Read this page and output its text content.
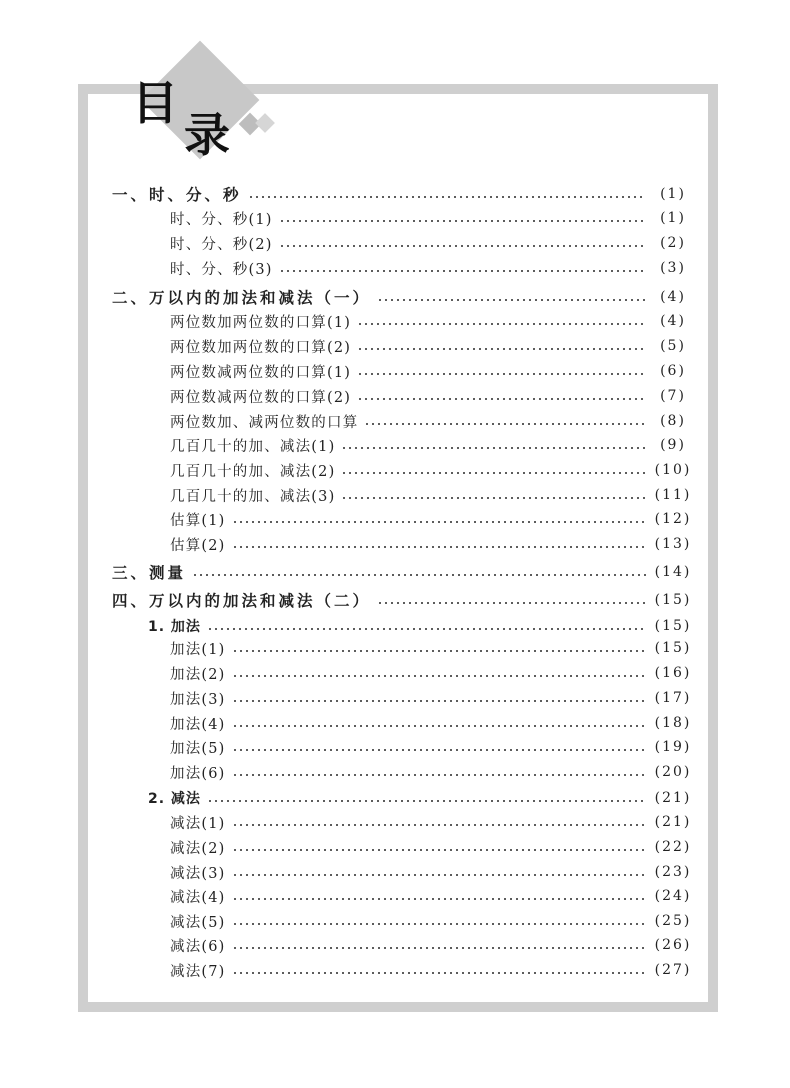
目
录
一、时、分、秒	(1)
时、分、秒(1)	(1)
时、分、秒(2)	(2)
时、分、秒(3)	(3)
二、万以内的加法和减法（一）	(4)
两位数加两位数的口算(1)	(4)
两位数加两位数的口算(2)	(5)
两位数减两位数的口算(1)	(6)
两位数减两位数的口算(2)	(7)
两位数加、减两位数的口算	(8)
几百几十的加、减法(1)	(9)
几百几十的加、减法(2)	(10)
几百几十的加、减法(3)	(11)
估算(1)	(12)
估算(2)	(13)
三、测量	(14)
四、万以内的加法和减法（二）	(15)
1. 加法	(15)
加法(1)	(15)
加法(2)	(16)
加法(3)	(17)
加法(4)	(18)
加法(5)	(19)
加法(6)	(20)
2. 减法	(21)
减法(1)	(21)
减法(2)	(22)
减法(3)	(23)
减法(4)	(24)
减法(5)	(25)
减法(6)	(26)
减法(7)	(27)
